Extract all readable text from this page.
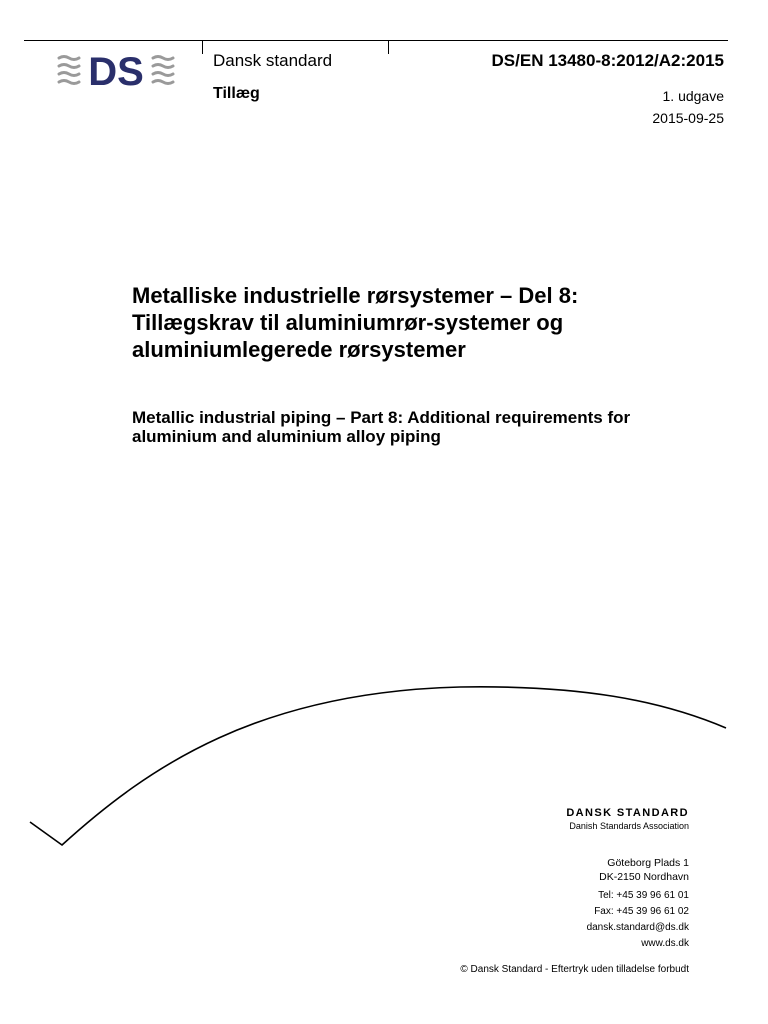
DS	Dansk standard	DS/EN 13480-8:2012/A2:2015
Tillæg	1. udgave
2015-09-25
Metalliske industrielle rørsystemer – Del 8: Tillægskrav til aluminiumrør-systemer og aluminiumlegerede rørsystemer
Metallic industrial piping – Part 8: Additional requirements for aluminium and aluminium alloy piping
DANSK STANDARD
Danish Standards Association
Göteborg Plads 1
DK-2150 Nordhavn
Tel: +45 39 96 61 01
Fax: +45 39 96 61 02
dansk.standard@ds.dk
www.ds.dk
© Dansk Standard - Eftertryk uden tilladelse forbudt
